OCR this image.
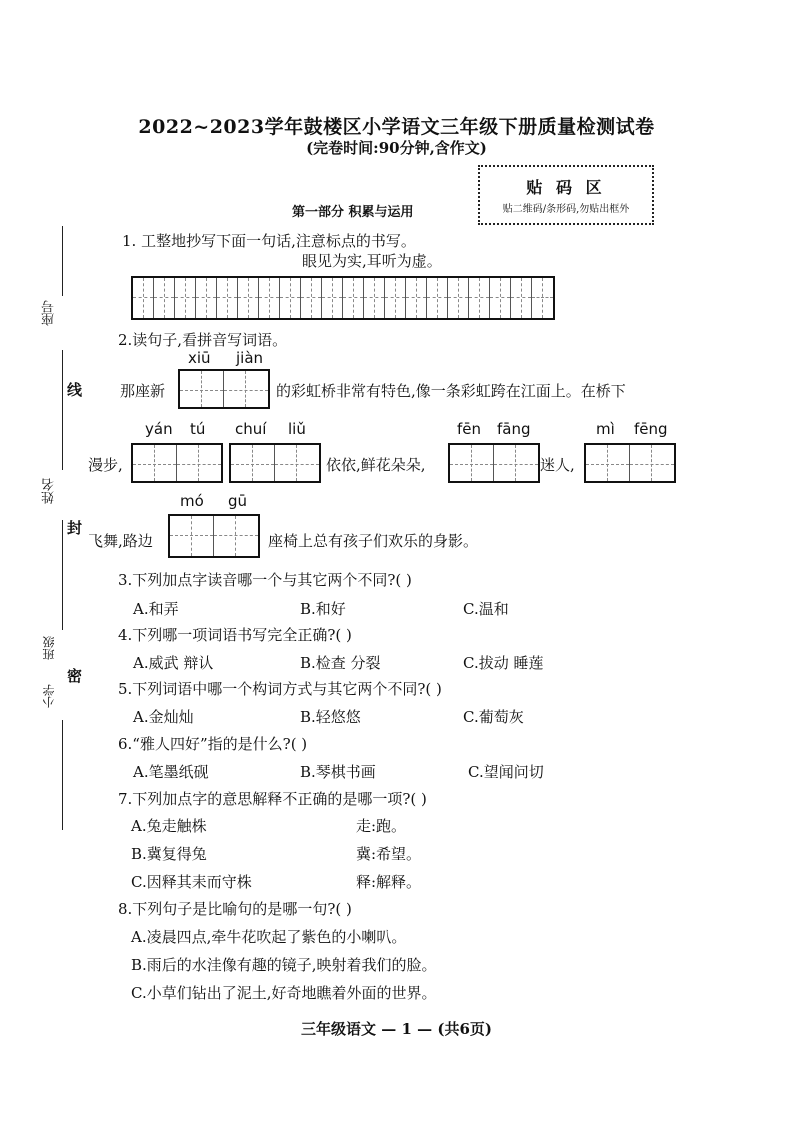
2022~2023学年鼓楼区小学语文三年级下册质量检测试卷
(完卷时间:90分钟,含作文)
贴 码 区
贴二维码/条形码,勿贴出框外
第一部分 积累与运用
座号
姓名
班级
小学
线
封
密
1. 工整地抄写下面一句话,注意标点的书写。
眼见为实,耳听为虚。
2.读句子,看拼音写词语。
xiū jiàn
那座新	的彩虹桥非常有特色,像一条彩虹跨在江面上。在桥下
yán tú chuí liǔ	fēn fāng	mì fēng
漫步,	依依,鲜花朵朵,	迷人,
mó gū
飞舞,路边	座椅上总有孩子们欢乐的身影。
3.下列加点字读音哪一个与其它两个不同?( )
A.和弄	B.和好	C.温和
4.下列哪一项词语书写完全正确?( )
A.威武 辩认	B.检查 分裂	C.拔动 睡莲
5.下列词语中哪一个构词方式与其它两个不同?( )
A.金灿灿	B.轻悠悠	C.葡萄灰
6.“雅人四好”指的是什么?( )
A.笔墨纸砚	B.琴棋书画	C.望闻问切
7.下列加点字的意思解释不正确的是哪一项?( )
A.兔走触株	走:跑。
B.冀复得兔	冀:希望。
C.因释其耒而守株	释:解释。
8.下列句子是比喻句的是哪一句?( )
A.凌晨四点,牵牛花吹起了紫色的小喇叭。
B.雨后的水洼像有趣的镜子,映射着我们的脸。
C.小草们钻出了泥土,好奇地瞧着外面的世界。
三年级语文 — 1 — (共6页)
